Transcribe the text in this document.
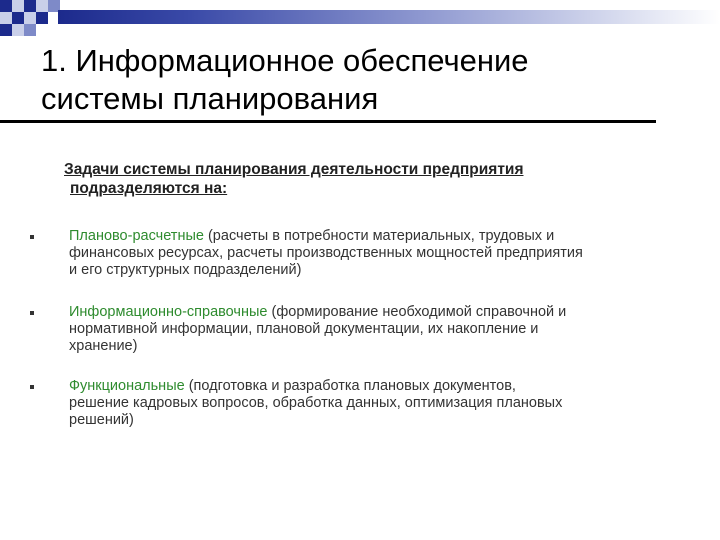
1. Информационное обеспечение
системы планирования
Задачи системы планирования деятельности предприятия
подразделяются на:
Планово-расчетные (расчеты в потребности материальных, трудовых и
финансовых ресурсах, расчеты производственных мощностей предприятия
и его структурных подразделений)
Информационно-справочные (формирование необходимой справочной и
нормативной информации, плановой документации, их накопление и
хранение)
Функциональные (подготовка и разработка плановых документов,
решение кадровых вопросов, обработка данных, оптимизация плановых
решений)
